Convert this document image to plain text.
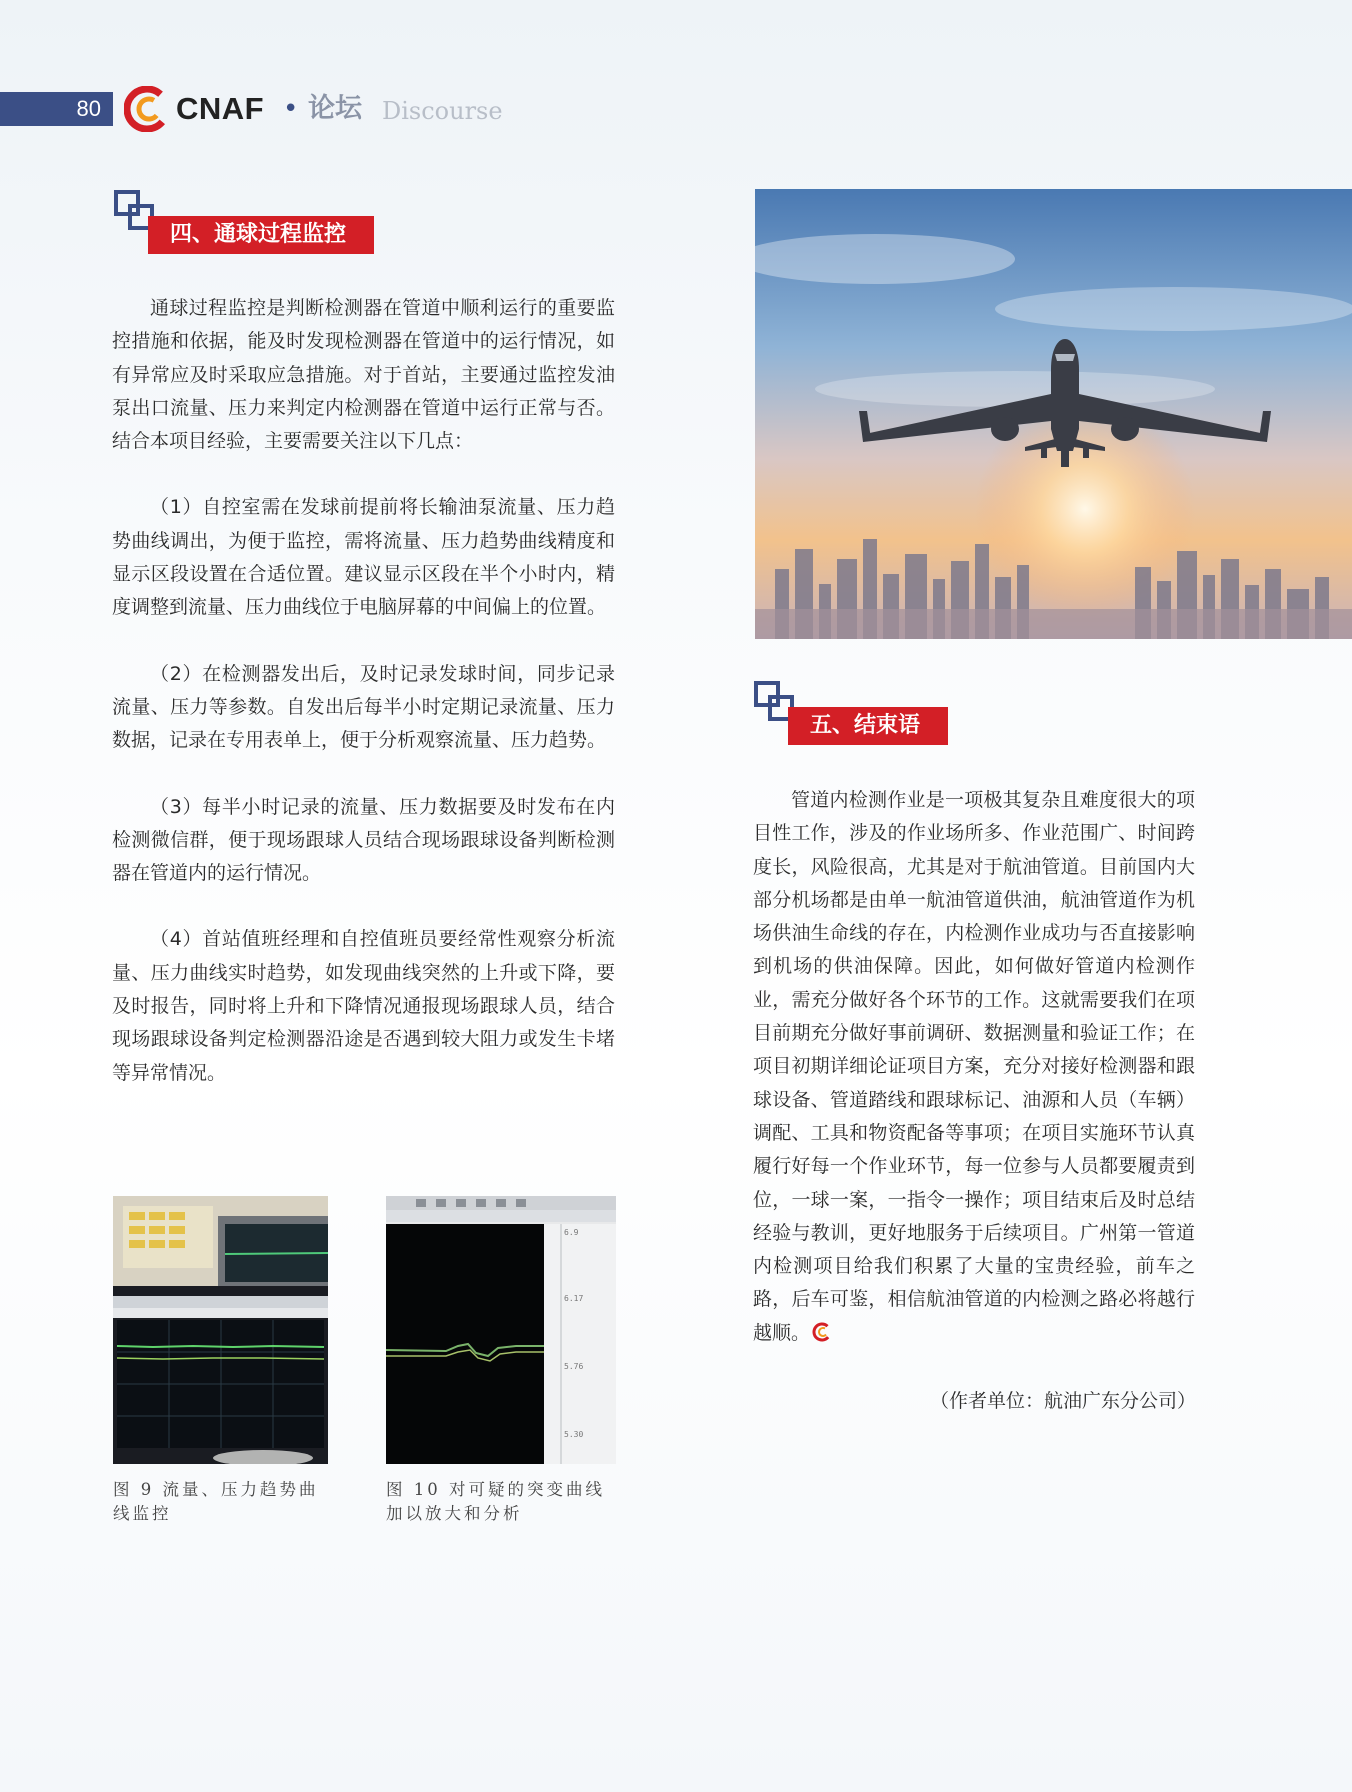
80	CNAF • 论坛 Discourse
四、通球过程监控

通球过程监控是判断检测器在管道中顺利运行的重要监控措施和依据，能及时发现检测器在管道中的运行情况，如有异常应及时采取应急措施。对于首站，主要通过监控发油泵出口流量、压力来判定内检测器在管道中运行正常与否。结合本项目经验，主要需要关注以下几点：

（1）自控室需在发球前提前将长输油泵流量、压力趋势曲线调出，为便于监控，需将流量、压力趋势曲线精度和显示区段设置在合适位置。建议显示区段在半个小时内，精度调整到流量、压力曲线位于电脑屏幕的中间偏上的位置。

（2）在检测器发出后，及时记录发球时间，同步记录流量、压力等参数。自发出后每半小时定期记录流量、压力数据，记录在专用表单上，便于分析观察流量、压力趋势。

（3）每半小时记录的流量、压力数据要及时发布在内检测微信群，便于现场跟球人员结合现场跟球设备判断检测器在管道内的运行情况。

（4）首站值班经理和自控值班员要经常性观察分析流量、压力曲线实时趋势，如发现曲线突然的上升或下降，要及时报告，同时将上升和下降情况通报现场跟球人员，结合现场跟球设备判定检测器沿途是否遇到较大阻力或发生卡堵等异常情况。

图 9 流量、压力趋势曲线监控
6.9
6.17
5.76
5.30
图 10 对可疑的突变曲线加以放大和分析
五、结束语

管道内检测作业是一项极其复杂且难度很大的项目性工作，涉及的作业场所多、作业范围广、时间跨度长，风险很高，尤其是对于航油管道。目前国内大部分机场都是由单一航油管道供油，航油管道作为机场供油生命线的存在，内检测作业成功与否直接影响到机场的供油保障。因此，如何做好管道内检测作业，需充分做好各个环节的工作。这就需要我们在项目前期充分做好事前调研、数据测量和验证工作；在项目初期详细论证项目方案，充分对接好检测器和跟球设备、管道踏线和跟球标记、油源和人员（车辆）调配、工具和物资配备等事项；在项目实施环节认真履行好每一个作业环节，每一位参与人员都要履责到位，一球一案，一指令一操作；项目结束后及时总结经验与教训，更好地服务于后续项目。广州第一管道内检测项目给我们积累了大量的宝贵经验，前车之路，后车可鉴，相信航油管道的内检测之路必将越行越顺。

（作者单位：航油广东分公司）
